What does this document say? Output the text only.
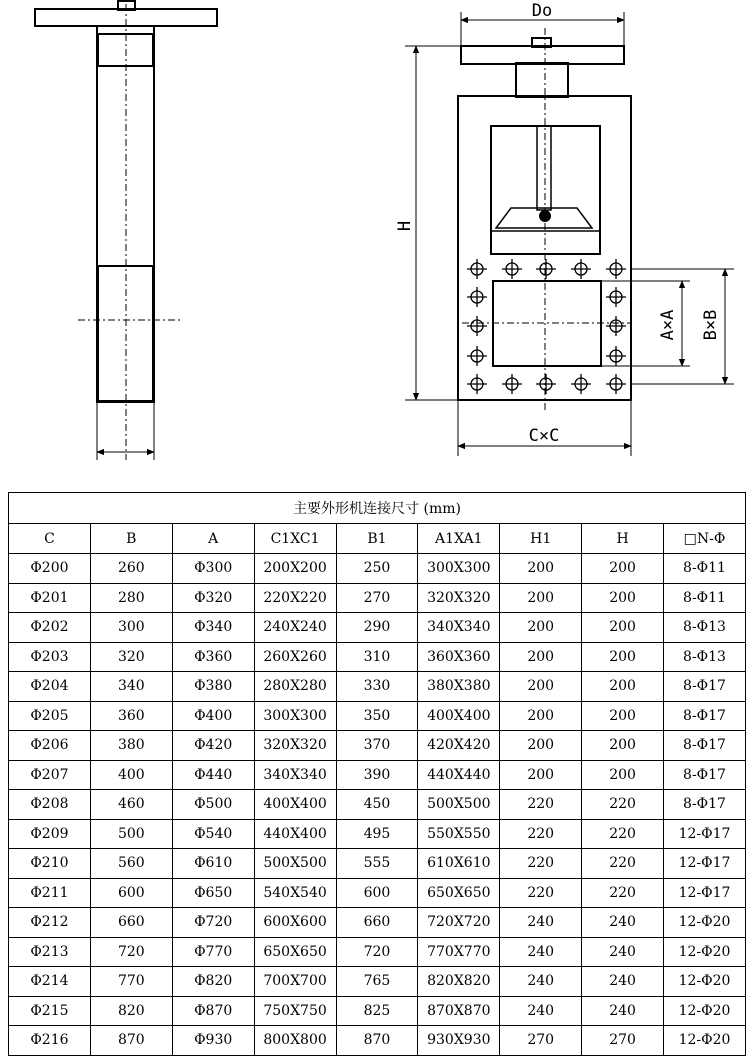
Do
H
A×A B×B
C×C
主要外形机连接尺寸 (mm)								
C	B	A	C1XC1	B1	A1XA1	H1	H	□N-Φ
Φ200	260	Φ300	200X200	250	300X300	200	200	8-Φ11
Φ201	280	Φ320	220X220	270	320X320	200	200	8-Φ11
Φ202	300	Φ340	240X240	290	340X340	200	200	8-Φ13
Φ203	320	Φ360	260X260	310	360X360	200	200	8-Φ13
Φ204	340	Φ380	280X280	330	380X380	200	200	8-Φ17
Φ205	360	Φ400	300X300	350	400X400	200	200	8-Φ17
Φ206	380	Φ420	320X320	370	420X420	200	200	8-Φ17
Φ207	400	Φ440	340X340	390	440X440	200	200	8-Φ17
Φ208	460	Φ500	400X400	450	500X500	220	220	8-Φ17
Φ209	500	Φ540	440X400	495	550X550	220	220	12-Φ17
Φ210	560	Φ610	500X500	555	610X610	220	220	12-Φ17
Φ211	600	Φ650	540X540	600	650X650	220	220	12-Φ17
Φ212	660	Φ720	600X600	660	720X720	240	240	12-Φ20
Φ213	720	Φ770	650X650	720	770X770	240	240	12-Φ20
Φ214	770	Φ820	700X700	765	820X820	240	240	12-Φ20
Φ215	820	Φ870	750X750	825	870X870	240	240	12-Φ20
Φ216	870	Φ930	800X800	870	930X930	270	270	12-Φ20
